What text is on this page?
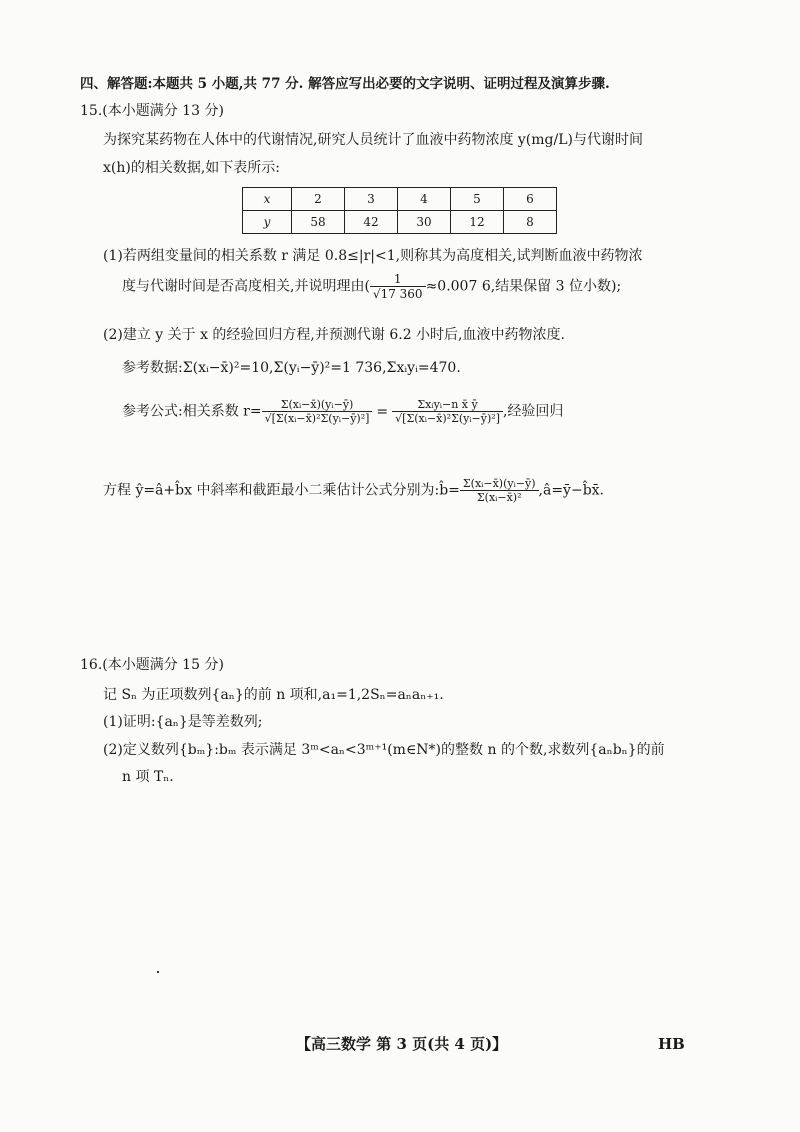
四、解答题:本题共 5 小题,共 77 分. 解答应写出必要的文字说明、证明过程及演算步骤.
15.(本小题满分 13 分)
为探究某药物在人体中的代谢情况,研究人员统计了血液中药物浓度 y(mg/L)与代谢时间
x(h)的相关数据,如下表所示:
x	2	3	4	5	6
y	58	42	30	12	8
(1)若两组变量间的相关系数 r 满足 0.8≤|r|<1,则称其为高度相关,试判断血液中药物浓
度与代谢时间是否高度相关,并说明理由( $\frac{1}{√17 360} \approx 0.007$ 6,结果保留 3 位小数);
(2)建立 y 关于 x 的经验回归方程,并预测代谢 6.2 小时后,血液中药物浓度.
参考数据:Σ(xᵢ−x̄)²=10,Σ(yᵢ−ȳ)²=1 736,Σxᵢyᵢ=470.
参考公式:相关系数 $r= \frac{\text{Σ(xᵢ−x̄)(yᵢ−ȳ)}}{\text{√[Σ(xᵢ−x̄)²Σ(yᵢ−ȳ)²]}} = \frac{\text{Σxᵢyᵢ−n x̄ ȳ}}{\text{√[Σ(xᵢ−x̄)²Σ(yᵢ−ȳ)²]}}$ ,经验回归
方程 ŷ=â+b̂x 中斜率和截距最小二乘估计公式分别为:b̂= $\frac{\text{Σ(xᵢ−x̄)(yᵢ−ȳ)}}{\text{Σ(xᵢ−x̄)²}}$ ,â=ȳ−b̂x̄.
16.(本小题满分 15 分)
记 Sₙ 为正项数列{aₙ}的前 n 项和,a₁=1,2Sₙ=aₙaₙ₊₁.
(1)证明:{aₙ}是等差数列;
(2)定义数列{bₘ}:bₘ 表示满足 3ᵐ<aₙ<3ᵐ⁺¹(m∈N*)的整数 n 的个数,求数列{aₙbₙ}的前
n 项 Tₙ.
【高三数学 第 3 页(共 4 页)】	HB
